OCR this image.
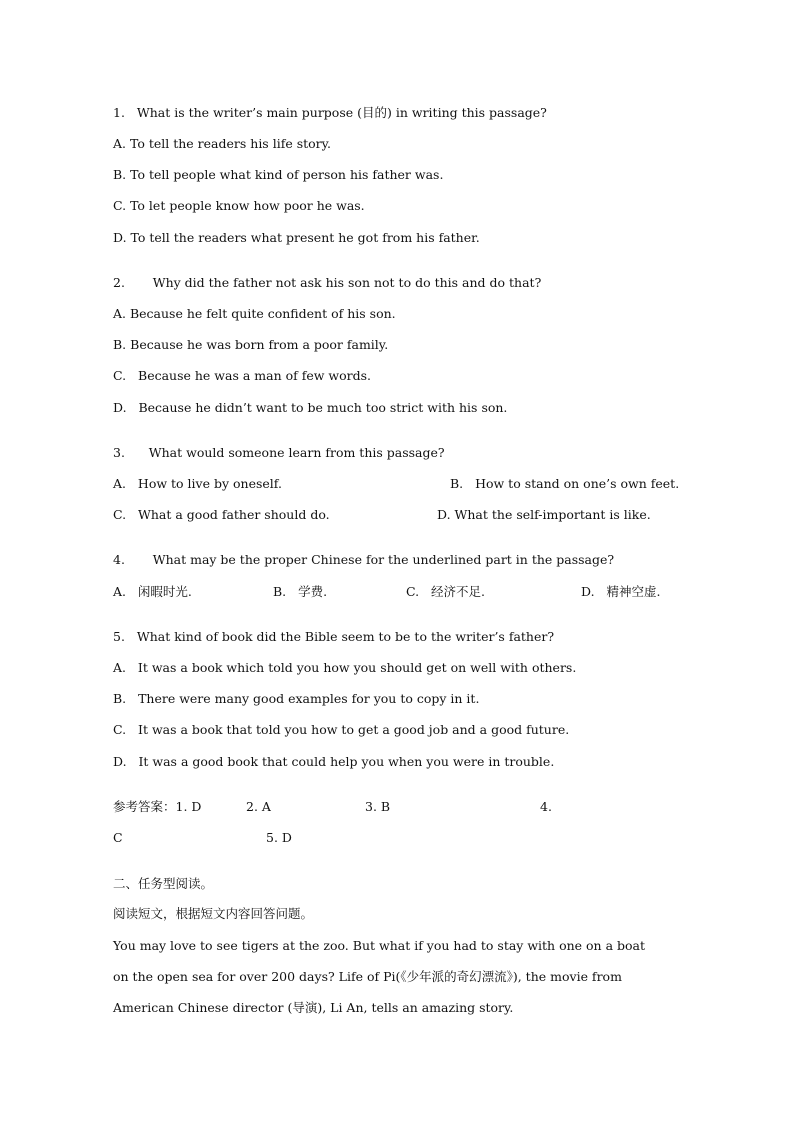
1.   What is the writer’s main purpose (目的) in writing this passage?
A. To tell the readers his life story.
B. To tell people what kind of person his father was.
C. To let people know how poor he was.
D. To tell the readers what present he got from his father.
2.       Why did the father not ask his son not to do this and do that?
A. Because he felt quite confident of his son.
B. Because he was born from a poor family.
C.   Because he was a man of few words.
D.   Because he didn’t want to be much too strict with his son.
3.      What would someone learn from this passage?
A.   How to live by oneself.	B.   How to stand on one’s own feet.
C.   What a good father should do.	D. What the self-important is like.
4.       What may be the proper Chinese for the underlined part in the passage?
A.   闲暇时光.	B.   学费.	C.   经济不足.	D.   精神空虚.
5.   What kind of book did the Bible seem to be to the writer’s father?
A.   It was a book which told you how you should get on well with others.
B.   There were many good examples for you to copy in it.
C.   It was a book that told you how to get a good job and a good future.
D.   It was a good book that could help you when you were in trouble.
参考答案：1. D	2. A	3. B	4.
C	5. D
二、任务型阅读。
阅读短文，根据短文内容回答问题。
You may love to see tigers at the zoo. But what if you had to stay with one on a boat
on the open sea for over 200 days? Life of Pi(《少年派的奇幻漂流》), the movie from
American Chinese director (导演), Li An, tells an amazing story.
